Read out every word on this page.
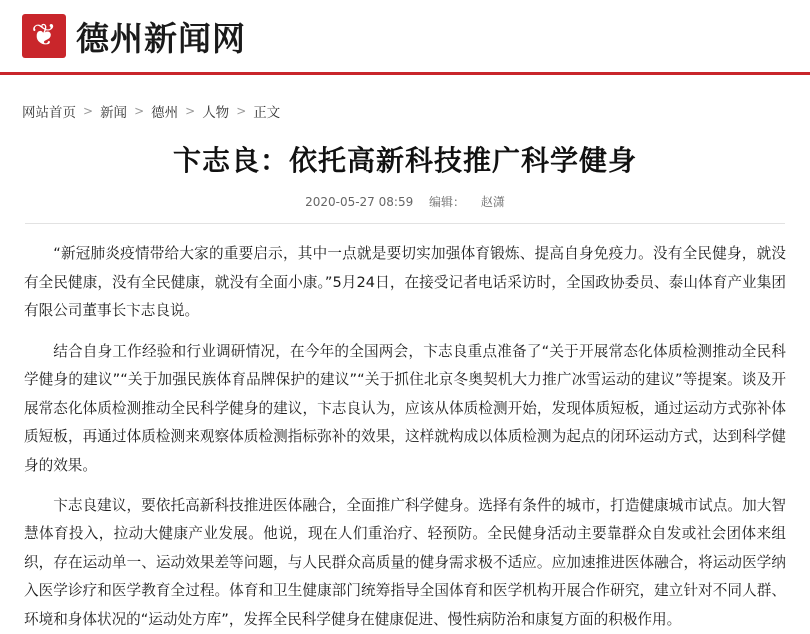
❦ 德州新闻网
网站首页 > 新闻 > 德州 > 人物 > 正文
卞志良：依托高新科技推广科学健身
2020-05-27 08:59 编辑： 赵潇

“新冠肺炎疫情带给大家的重要启示，其中一点就是要切实加强体育锻炼、提高自身免疫力。没有全民健身，就没有全民健康，没有全民健康，就没有全面小康。”5月24日，在接受记者电话采访时，全国政协委员、泰山体育产业集团有限公司董事长卞志良说。

结合自身工作经验和行业调研情况，在今年的全国两会，卞志良重点准备了“关于开展常态化体质检测推动全民科学健身的建议”“关于加强民族体育品牌保护的建议”“关于抓住北京冬奥契机大力推广冰雪运动的建议”等提案。谈及开展常态化体质检测推动全民科学健身的建议，卞志良认为，应该从体质检测开始，发现体质短板，通过运动方式弥补体质短板，再通过体质检测来观察体质检测指标弥补的效果，这样就构成以体质检测为起点的闭环运动方式，达到科学健身的效果。

卞志良建议，要依托高新科技推进医体融合，全面推广科学健身。选择有条件的城市，打造健康城市试点。加大智慧体育投入，拉动大健康产业发展。他说，现在人们重治疗、轻预防。全民健身活动主要靠群众自发或社会团体来组织，存在运动单一、运动效果差等问题，与人民群众高质量的健身需求极不适应。应加速推进医体融合，将运动医学纳入医学诊疗和医学教育全过程。体育和卫生健康部门统筹指导全国体育和医学机构开展合作研究，建立针对不同人群、环境和身体状况的“运动处方库”，发挥全民科学健身在健康促进、慢性病防治和康复方面的积极作用。
